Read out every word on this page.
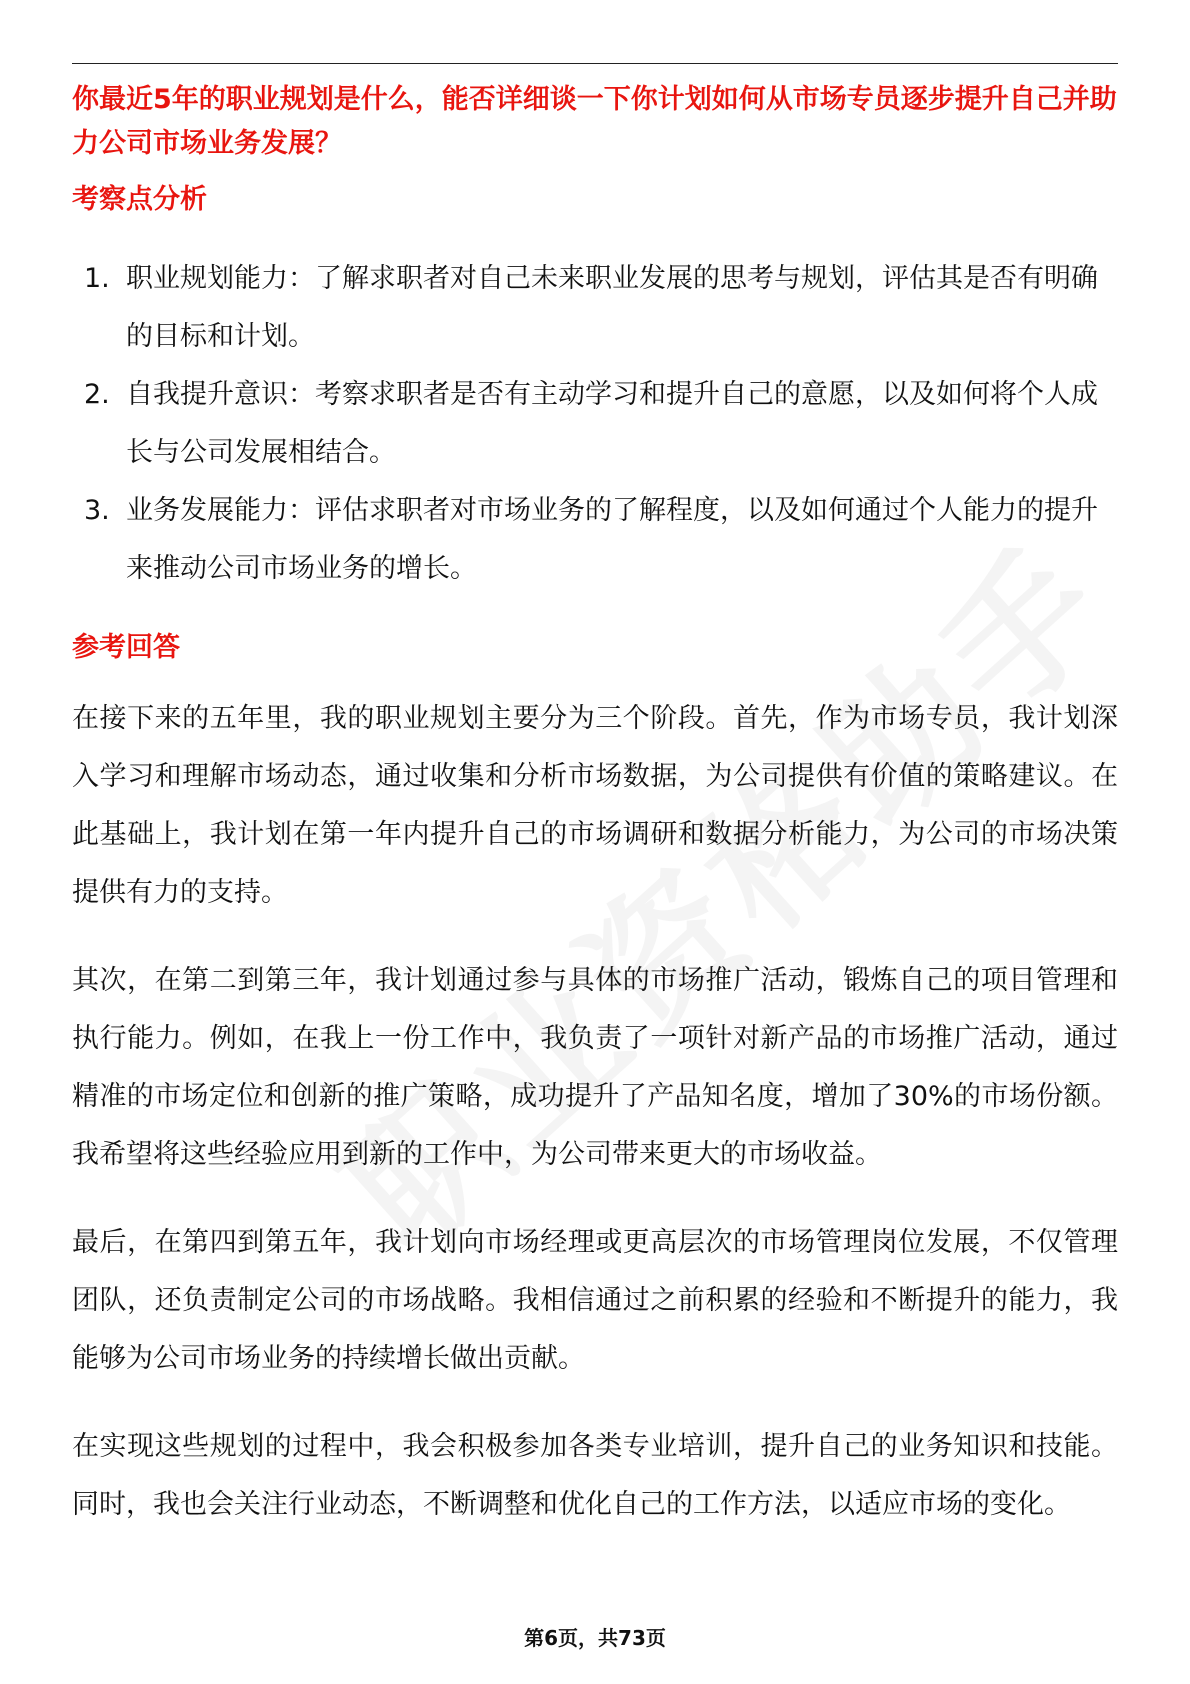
你最近5年的职业规划是什么，能否详细谈一下你计划如何从市场专员逐步提升自己并助力公司市场业务发展？

考察点分析
1. 职业规划能力：了解求职者对自己未来职业发展的思考与规划，评估其是否有明确的目标和计划。
2. 自我提升意识：考察求职者是否有主动学习和提升自己的意愿，以及如何将个人成长与公司发展相结合。
3. 业务发展能力：评估求职者对市场业务的了解程度，以及如何通过个人能力的提升来推动公司市场业务的增长。
参考回答

在接下来的五年里，我的职业规划主要分为三个阶段。首先，作为市场专员，我计划深入学习和理解市场动态，通过收集和分析市场数据，为公司提供有价值的策略建议。在此基础上，我计划在第一年内提升自己的市场调研和数据分析能力，为公司的市场决策提供有力的支持。

其次，在第二到第三年，我计划通过参与具体的市场推广活动，锻炼自己的项目管理和执行能力。例如，在我上一份工作中，我负责了一项针对新产品的市场推广活动，通过精准的市场定位和创新的推广策略，成功提升了产品知名度，增加了30%的市场份额。我希望将这些经验应用到新的工作中，为公司带来更大的市场收益。

最后，在第四到第五年，我计划向市场经理或更高层次的市场管理岗位发展，不仅管理团队，还负责制定公司的市场战略。我相信通过之前积累的经验和不断提升的能力，我能够为公司市场业务的持续增长做出贡献。

在实现这些规划的过程中，我会积极参加各类专业培训，提升自己的业务知识和技能。同时，我也会关注行业动态，不断调整和优化自己的工作方法，以适应市场的变化。

第6页，共73页
